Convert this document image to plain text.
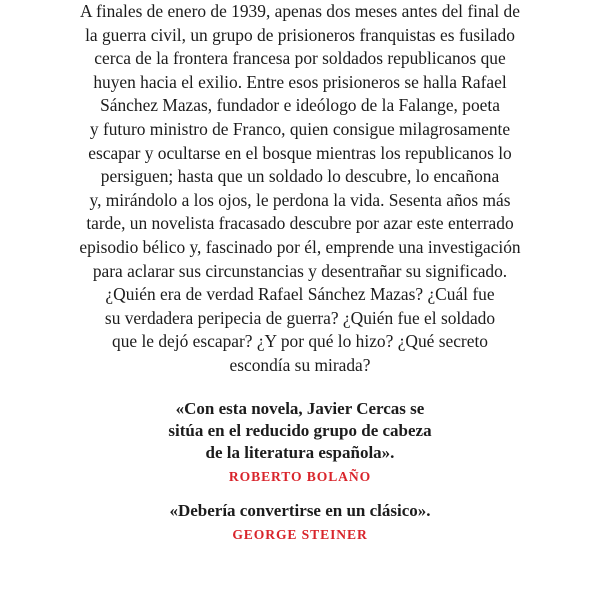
A finales de enero de 1939, apenas dos meses antes del final de
la guerra civil, un grupo de prisioneros franquistas es fusilado
cerca de la frontera francesa por soldados republicanos que
huyen hacia el exilio. Entre esos prisioneros se halla Rafael
Sánchez Mazas, fundador e ideólogo de la Falange, poeta
y futuro ministro de Franco, quien consigue milagrosamente
escapar y ocultarse en el bosque mientras los republicanos lo
persiguen; hasta que un soldado lo descubre, lo encañona
y, mirándolo a los ojos, le perdona la vida. Sesenta años más
tarde, un novelista fracasado descubre por azar este enterrado
episodio bélico y, fascinado por él, emprende una investigación
para aclarar sus circunstancias y desentrañar su significado.
¿Quién era de verdad Rafael Sánchez Mazas? ¿Cuál fue
su verdadera peripecia de guerra? ¿Quién fue el soldado
que le dejó escapar? ¿Y por qué lo hizo? ¿Qué secreto
escondía su mirada?
«Con esta novela, Javier Cercas se
sitúa en el reducido grupo de cabeza
de la literatura española».
ROBERTO BOLAÑO
«Debería convertirse en un clásico».
GEORGE STEINER
